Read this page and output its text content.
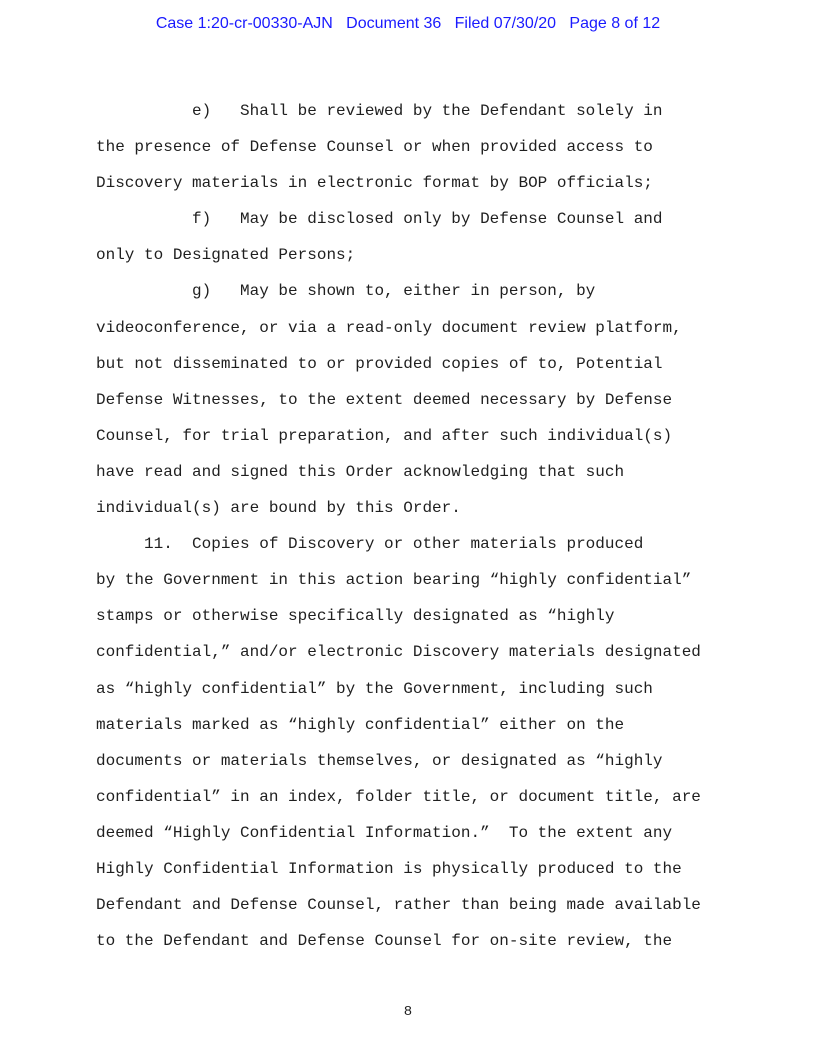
Case 1:20-cr-00330-AJN   Document 36   Filed 07/30/20   Page 8 of 12
e)   Shall be reviewed by the Defendant solely in
the presence of Defense Counsel or when provided access to
Discovery materials in electronic format by BOP officials;
f)   May be disclosed only by Defense Counsel and
only to Designated Persons;
g)   May be shown to, either in person, by
videoconference, or via a read-only document review platform,
but not disseminated to or provided copies of to, Potential
Defense Witnesses, to the extent deemed necessary by Defense
Counsel, for trial preparation, and after such individual(s)
have read and signed this Order acknowledging that such
individual(s) are bound by this Order.
11.  Copies of Discovery or other materials produced
by the Government in this action bearing “highly confidential”
stamps or otherwise specifically designated as “highly
confidential,” and/or electronic Discovery materials designated
as “highly confidential” by the Government, including such
materials marked as “highly confidential” either on the
documents or materials themselves, or designated as “highly
confidential” in an index, folder title, or document title, are
deemed “Highly Confidential Information.”  To the extent any
Highly Confidential Information is physically produced to the
Defendant and Defense Counsel, rather than being made available
to the Defendant and Defense Counsel for on-site review, the
8
